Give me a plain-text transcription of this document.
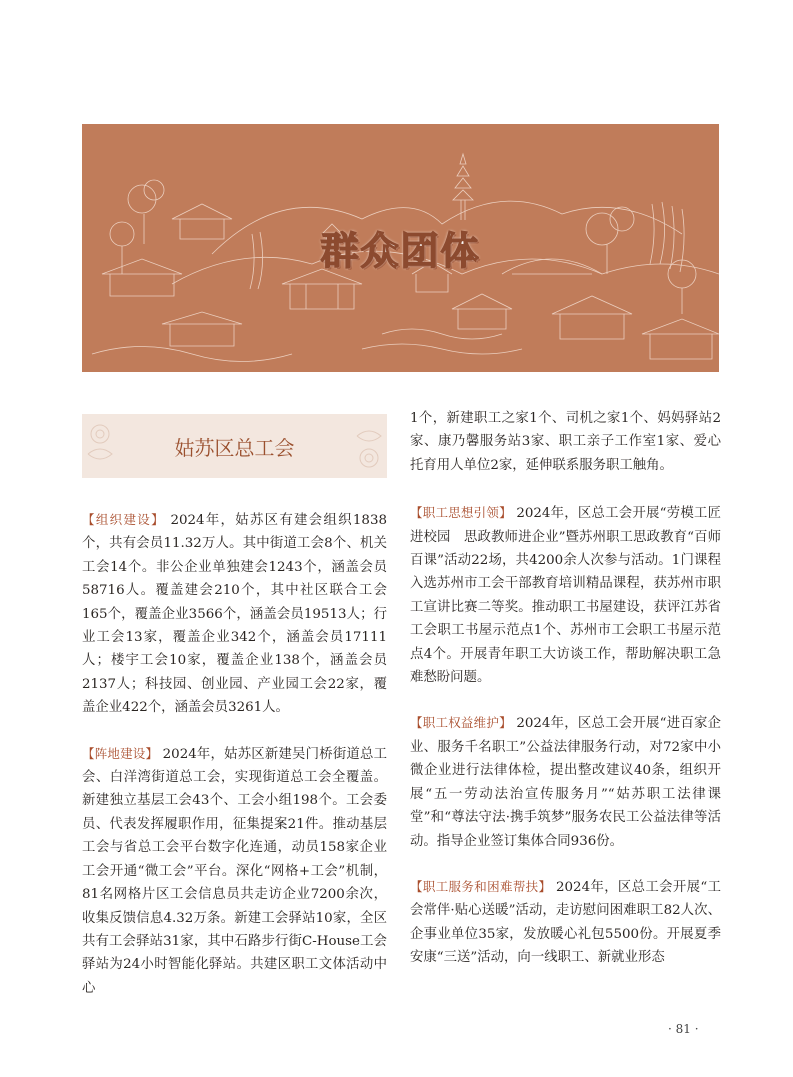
群众团体
姑苏区总工会

【组织建设】 2024年，姑苏区有建会组织1838个，共有会员11.32万人。其中街道工会8个、机关工会14个。非公企业单独建会1243个，涵盖会员58716人。覆盖建会210个，其中社区联合工会165个，覆盖企业3566个，涵盖会员19513人；行业工会13家，覆盖企业342个，涵盖会员17111人；楼宇工会10家，覆盖企业138个，涵盖会员2137人；科技园、创业园、产业园工会22家，覆盖企业422个，涵盖会员3261人。

【阵地建设】 2024年，姑苏区新建吴门桥街道总工会、白洋湾街道总工会，实现街道总工会全覆盖。新建独立基层工会43个、工会小组198个。工会委员、代表发挥履职作用，征集提案21件。推动基层工会与省总工会平台数字化连通，动员158家企业工会开通“微工会”平台。深化“网格+工会”机制，81名网格片区工会信息员共走访企业7200余次，收集反馈信息4.32万条。新建工会驿站10家，全区共有工会驿站31家，其中石路步行街C-House工会驿站为24小时智能化驿站。共建区职工文体活动中心

1个，新建职工之家1个、司机之家1个、妈妈驿站2家、康乃馨服务站3家、职工亲子工作室1家、爱心托育用人单位2家，延伸联系服务职工触角。

【职工思想引领】 2024年，区总工会开展“劳模工匠进校园　思政教师进企业”暨苏州职工思政教育“百师百课”活动22场，共4200余人次参与活动。1门课程入选苏州市工会干部教育培训精品课程，获苏州市职工宣讲比赛二等奖。推动职工书屋建设，获评江苏省工会职工书屋示范点1个、苏州市工会职工书屋示范点4个。开展青年职工大访谈工作，帮助解决职工急难愁盼问题。

【职工权益维护】 2024年，区总工会开展“进百家企业、服务千名职工”公益法律服务行动，对72家中小微企业进行法律体检，提出整改建议40条，组织开展“五一劳动法治宣传服务月”“姑苏职工法律课堂”和“尊法守法·携手筑梦”服务农民工公益法律等活动。指导企业签订集体合同936份。

【职工服务和困难帮扶】 2024年，区总工会开展“工会常伴·贴心送暖”活动，走访慰问困难职工82人次、企事业单位35家，发放暖心礼包5500份。开展夏季安康“三送”活动，向一线职工、新就业形态

· 81 ·
